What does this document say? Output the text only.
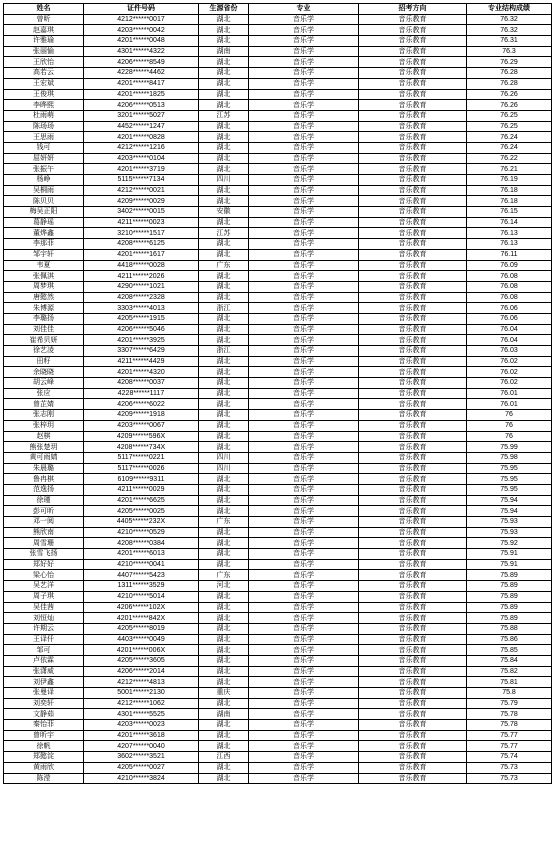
姓名	证件号码	生源省份	专业	招考方向	专业结构成绩
曾昕	4212******0017	湖北	音乐学	音乐教育	76.32
赵嘉琪	4203******0042	湖北	音乐学	音乐教育	76.32
许雅瑜	4201******0048	湖北	音乐学	音乐教育	76.31
张丽愉	4301******4322	湖南	音乐学	音乐教育	76.3
王欣怡	4206******8549	湖北	音乐学	音乐教育	76.29
高若云	4228******4462	湖北	音乐学	音乐教育	76.28
王宏斌	4201******8417	湖北	音乐学	音乐教育	76.28
王俊琪	4201******1825	湖北	音乐学	音乐教育	76.26
李晔熙	4206******0513	湖北	音乐学	音乐教育	76.26
杜雨萌	3201******5027	江苏	音乐学	音乐教育	76.25
陈玚玚	4452******1247	湖北	音乐学	音乐教育	76.25
王思雨	4201******0828	湖北	音乐学	音乐教育	76.24
钱可	4212******1216	湖北	音乐学	音乐教育	76.24
屈妍妍	4203******0104	湖北	音乐学	音乐教育	76.22
张振午	4201******3719	湖北	音乐学	音乐教育	76.21
杨峥	5115******7134	四川	音乐学	音乐教育	76.19
吴桐雨	4212******0021	湖北	音乐学	音乐教育	76.18
陈贝贝	4209******0029	湖北	音乐学	音乐教育	76.18
梅吴正阳	3402******0015	安徽	音乐学	音乐教育	76.15
葛静瑶	4211******0023	湖北	音乐学	音乐教育	76.14
董烨鑫	3210******1517	江苏	音乐学	音乐教育	76.13
李那菲	4208******6125	湖北	音乐学	音乐教育	76.13
邹宇轩	4201******1617	湖北	音乐学	音乐教育	76.11
韦夏	4418******0028	广东	音乐学	音乐教育	76.09
张佩淇	4211******2026	湖北	音乐学	音乐教育	76.08
周梦琪	4290******1021	湖北	音乐学	音乐教育	76.08
唐懿然	4208******2328	湖北	音乐学	音乐教育	76.08
朱博源	3303******4013	浙江	音乐学	音乐教育	76.06
李璐扬	4205******1915	湖北	音乐学	音乐教育	76.06
刘佳佳	4206******5046	湖北	音乐学	音乐教育	76.04
崔希贝妍	4201******3925	湖北	音乐学	音乐教育	76.04
徐艺凌	3307******6429	浙江	音乐学	音乐教育	76.03
田籽	4211******4429	湖北	音乐学	音乐教育	76.02
余晓晓	4201******4320	湖北	音乐学	音乐教育	76.02
胡云峰	4208******0037	湖北	音乐学	音乐教育	76.02
张应	4228******1117	湖北	音乐学	音乐教育	76.01
曾芷婧	4206******6022	湖北	音乐学	音乐教育	76.01
张志刚	4209******1918	湖北	音乐学	音乐教育	76
张梓玥	4203******0067	湖北	音乐学	音乐教育	76
赵棋	4209******596X	湖北	音乐学	音乐教育	76
熊张楚玥	4208******734X	湖北	音乐学	音乐教育	75.99
黄可雨婧	5117******0221	四川	音乐学	音乐教育	75.98
朱晨璐	5117******0026	四川	音乐学	音乐教育	75.95
鲁冉棋	6109******9311	湖北	音乐学	音乐教育	75.95
范逸扬	4211******0029	湖北	音乐学	音乐教育	75.95
徐瑾	4201******6625	湖北	音乐学	音乐教育	75.94
彭可昕	4205******0025	湖北	音乐学	音乐教育	75.94
邓一阅	4405******232X	广东	音乐学	音乐教育	75.93
熊欣南	4210******0529	湖北	音乐学	音乐教育	75.93
周雪珊	4208******0384	湖北	音乐学	音乐教育	75.92
张雪飞扬	4201******6013	湖北	音乐学	音乐教育	75.91
郑好好	4210******0041	湖北	音乐学	音乐教育	75.91
梁心怡	4407******5423	广东	音乐学	音乐教育	75.89
吴艺洋	1311******3529	河北	音乐学	音乐教育	75.89
周子琪	4210******5014	湖北	音乐学	音乐教育	75.89
吴佳茜	4206******102X	湖北	音乐学	音乐教育	75.89
刘恒灿	4201******842X	湖北	音乐学	音乐教育	75.89
许期云	4205******8019	湖北	音乐学	音乐教育	75.88
王译仟	4403******0049	湖北	音乐学	音乐教育	75.86
邹可	4201******006X	湖北	音乐学	音乐教育	75.85
卢依霖	4205******3605	湖北	音乐学	音乐教育	75.84
张潇威	4206******2014	湖北	音乐学	音乐教育	75.82
刘伊鑫	4212******4813	湖北	音乐学	音乐教育	75.81
张曼译	5001******2130	重庆	音乐学	音乐教育	75.8
刘奕轩	4212******1062	湖北	音乐学	音乐教育	75.79
文静茹	4301******5525	湖南	音乐学	音乐教育	75.78
秦怡菲	4203******0023	湖北	音乐学	音乐教育	75.78
曾昕宇	4201******3618	湖北	音乐学	音乐教育	75.77
徐帆	4207******0040	湖北	音乐学	音乐教育	75.77
郑懿淀	3602******3521	江西	音乐学	音乐教育	75.74
黄雨欣	4205******0027	湖北	音乐学	音乐教育	75.73
陈滢	4210******3824	湖北	音乐学	音乐教育	75.73
